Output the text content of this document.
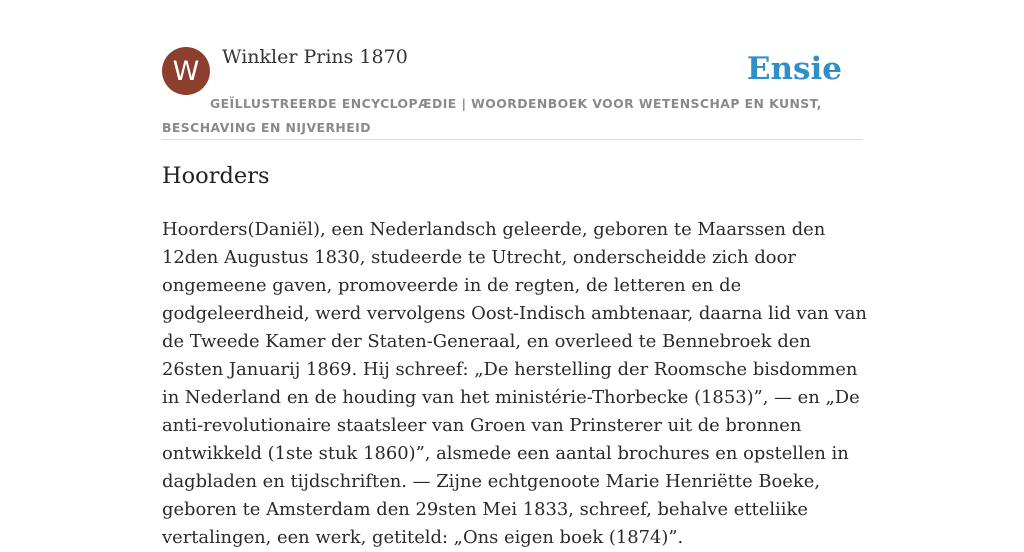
W Winkler Prins 1870	Ensie
GEÏLLUSTREERDE ENCYCLOPÆDIE | WOORDENBOEK VOOR WETENSCHAP EN KUNST, BESCHAVING EN NIJVERHEID
Hoorders

Hoorders(Daniël), een Nederlandsch geleerde, geboren te Maarssen den 12den Augustus 1830, studeerde te Utrecht, onderscheidde zich door ongemeene gaven, promoveerde in de regten, de letteren en de godgeleerdheid, werd vervolgens Oost-Indisch ambtenaar, daarna lid van van de Tweede Kamer der Staten-Generaal, en overleed te Bennebroek den 26sten Januarij 1869. Hij schreef: „De herstelling der Roomsche bisdommen in Nederland en de houding van het ministérie-Thorbecke (1853)”, — en „De anti-revolutionaire staatsleer van Groen van Prinsterer uit de bronnen ontwikkeld (1ste stuk 1860)”, alsmede een aantal brochures en opstellen in dagbladen en tijdschriften. — Zijne echtgenoote Marie Henriëtte Boeke, geboren te Amsterdam den 29sten Mei 1833, schreef, behalve etteliike vertalingen, een werk, getiteld: „Ons eigen boek (1874)”.
